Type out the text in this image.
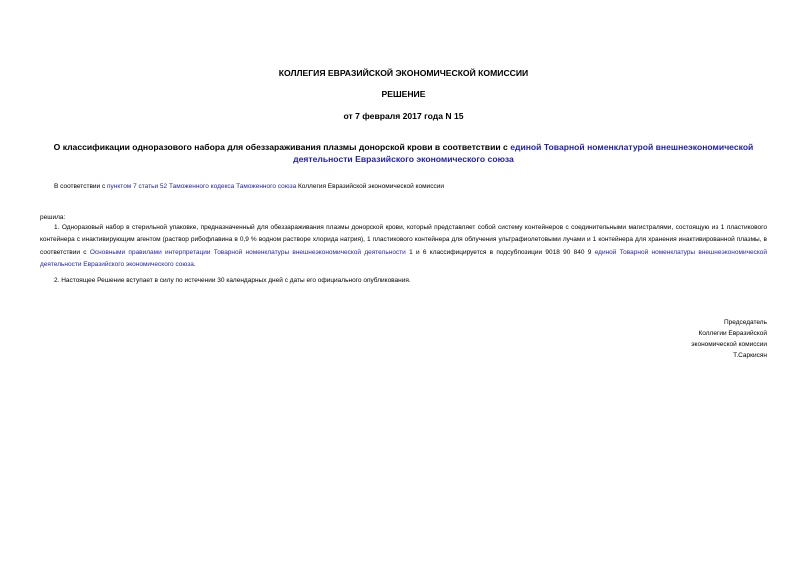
КОЛЛЕГИЯ ЕВРАЗИЙСКОЙ ЭКОНОМИЧЕСКОЙ КОМИССИИ

РЕШЕНИЕ

от 7 февраля 2017 года N 15

О классификации одноразового набора для обеззараживания плазмы донорской крови в соответствии с единой Товарной номенклатурой внешнеэкономической деятельности Евразийского экономического союза

В соответствии с пунктом 7 статьи 52 Таможенного кодекса Таможенного союза Коллегия Евразийской экономической комиссии

решила:

1. Одноразовый набор в стерильной упаковке, предназначенный для обеззараживания плазмы донорской крови, который представляет собой систему контейнеров с соединительными магистралями, состоящую из 1 пластикового контейнера с инактивирующим агентом (раствор рибофлавина в 0,9 % водном растворе хлорида натрия), 1 пластикового контейнера для облучения ультрафиолетовыми лучами и 1 контейнера для хранения инактивированной плазмы, в соответствии с Основными правилами интерпретации Товарной номенклатуры внешнеэкономической деятельности 1 и 6 классифицируется в подсубпозиции 9018 90 840 9 единой Товарной номенклатуры внешнеэкономической деятельности Евразийского экономического союза.

2. Настоящее Решение вступает в силу по истечении 30 календарных дней с даты его официального опубликования.

Председатель
Коллегии Евразийской
экономической комиссии
Т.Саркисян
